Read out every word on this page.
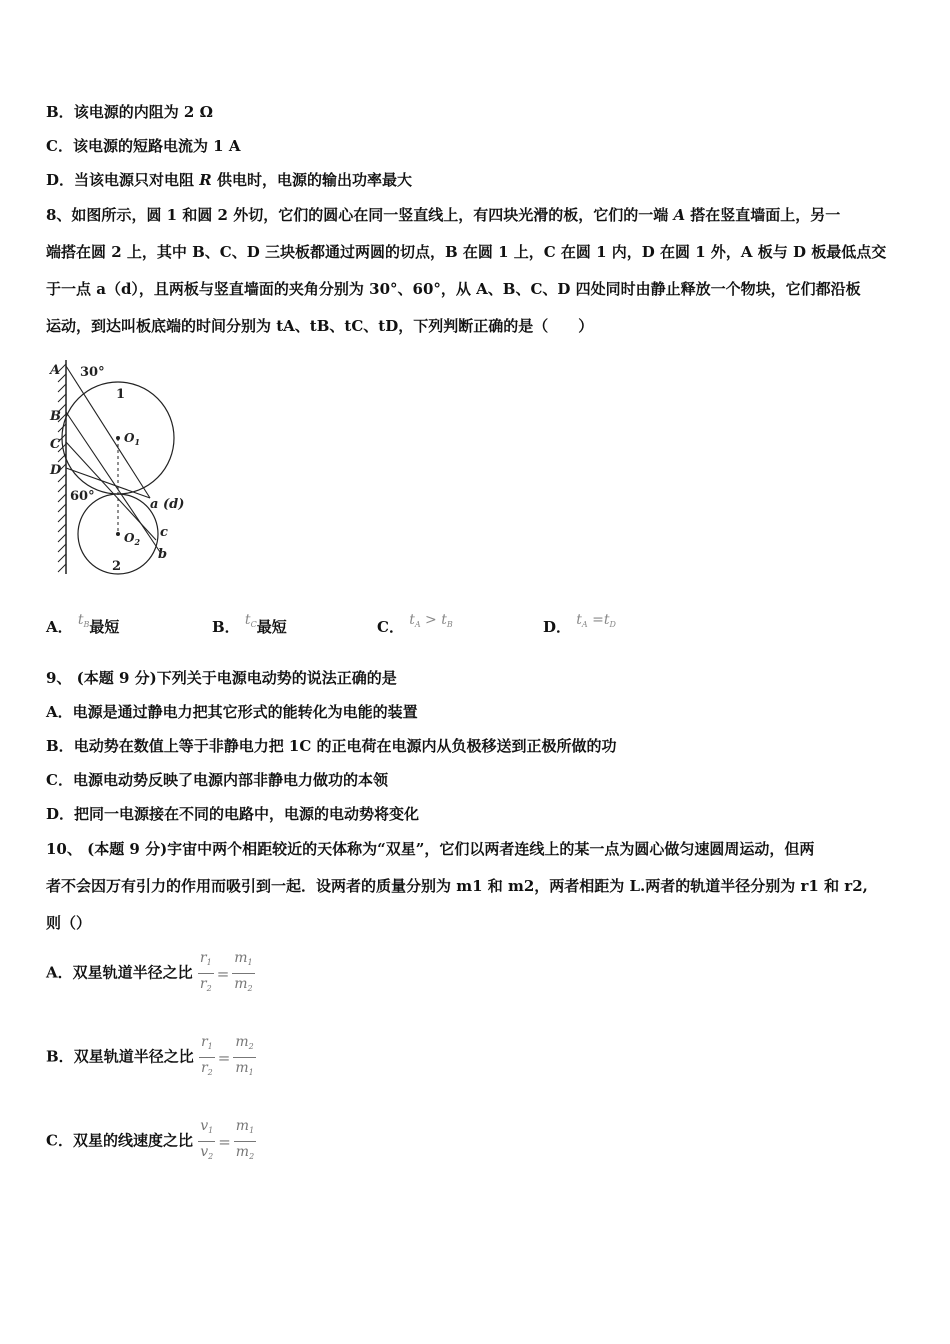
B．该电源的内阻为 2 Ω
C．该电源的短路电流为 1 A
D．当该电源只对电阻 R 供电时，电源的输出功率最大
8、如图所示，圆 1 和圆 2 外切，它们的圆心在同一竖直线上，有四块光滑的板，它们的一端 A 搭在竖直墙面上，另一
端搭在圆 2 上，其中 B、C、D 三块板都通过两圆的切点，B 在圆 1 上，C 在圆 1 内，D 在圆 1 外，A 板与 D 板最低点交
于一点 a（d），且两板与竖直墙面的夹角分别为 30°、60°，从 A、B、C、D 四处同时由静止释放一个物块，它们都沿板
运动，到达叫板底端的时间分别为 tA、tB、tC、tD，下列判断正确的是（　　）
30°
1
2
$O_1$
$O_2$
A
B
C
D
60°
a (d)
c
b
A． $t_B$最短	B． $t_C$最短	C． $t_A > t_B$	D． $t_A =t_D$
9、 (本题 9 分)下列关于电源电动势的说法正确的是
A．电源是通过静电力把其它形式的能转化为电能的装置
B．电动势在数值上等于非静电力把 1C 的正电荷在电源内从负极移送到正极所做的功
C．电源电动势反映了电源内部非静电力做功的本领
D．把同一电源接在不同的电路中，电源的电动势将变化
10、 (本题 9 分)宇宙中两个相距较近的天体称为“双星”，它们以两者连线上的某一点为圆心做匀速圆周运动，但两
者不会因万有引力的作用而吸引到一起．设两者的质量分别为 m1 和 m2，两者相距为 L.两者的轨道半径分别为 r1 和 r2,
则（）
A．双星轨道半径之比 $\frac{r_1}{r_2} = \frac{m_1}{m_2}$
B．双星轨道半径之比 $\frac{r_1}{r_2} = \frac{m_2}{m_1}$
C．双星的线速度之比 $\frac{v_1}{v_2} = \frac{m_1}{m_2}$
